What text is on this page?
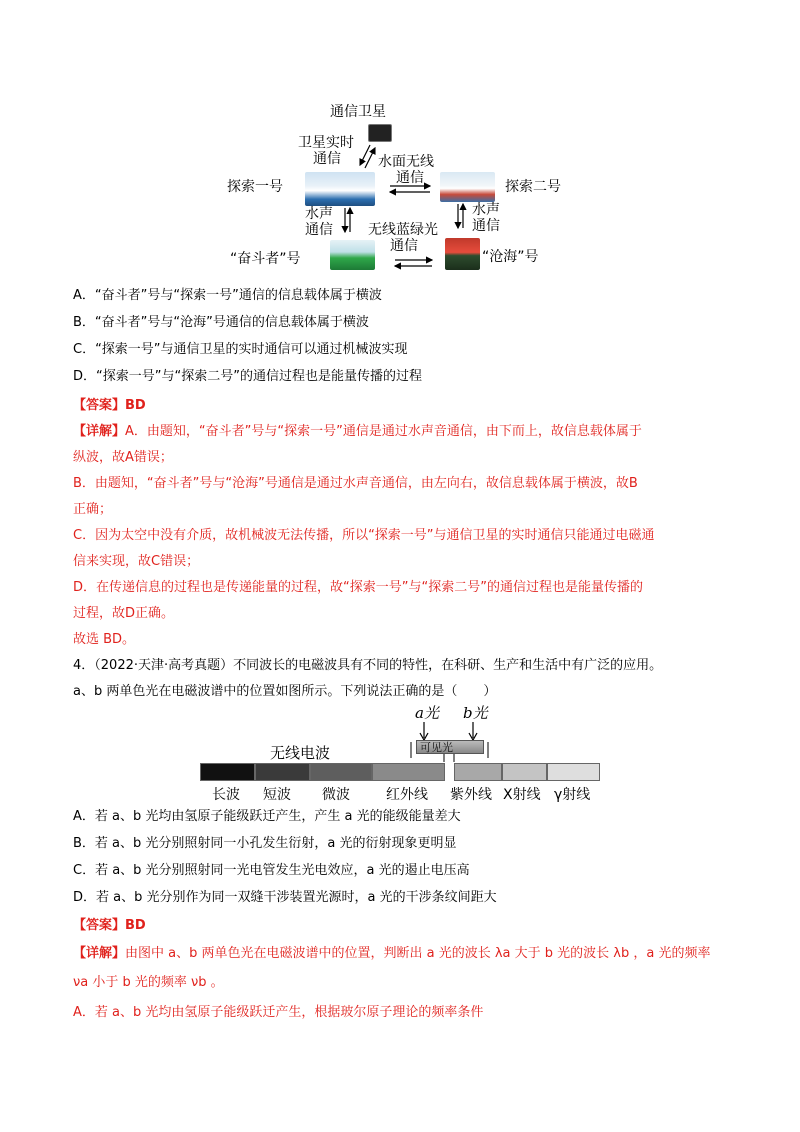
通信卫星
卫星实时
通信	水面无线
通信
探索一号	探索二号
水声
通信	无线蓝绿光
通信
水声
通信
“奋斗者”号	“沧海”号
A．“奋斗者”号与“探索一号”通信的信息载体属于横波
B．“奋斗者”号与“沧海”号通信的信息载体属于横波
C．“探索一号”与通信卫星的实时通信可以通过机械波实现
D．“探索一号”与“探索二号”的通信过程也是能量传播的过程
【答案】BD
【详解】A．由题知，“奋斗者”号与“探索一号”通信是通过水声音通信，由下而上，故信息载体属于
纵波，故A错误；
B．由题知，“奋斗者”号与“沧海”号通信是通过水声音通信，由左向右，故信息载体属于横波，故B
正确；
C．因为太空中没有介质，故机械波无法传播，所以“探索一号”与通信卫星的实时通信只能通过电磁通
信来实现，故C错误；
D．在传递信息的过程也是传递能量的过程，故“探索一号”与“探索二号”的通信过程也是能量传播的
过程，故D正确。
故选 BD。
4．（2022·天津·高考真题）不同波长的电磁波具有不同的特性，在科研、生产和生活中有广泛的应用。
a、b 两单色光在电磁波谱中的位置如图所示。下列说法正确的是（　　）
a光 b光
可见光
无线电波
长波 短波 微波	红外线 紫外线 X射线 γ射线
A．若 a、b 光均由氢原子能级跃迁产生，产生 a 光的能级能量差大
B．若 a、b 光分别照射同一小孔发生衍射，a 光的衍射现象更明显
C．若 a、b 光分别照射同一光电管发生光电效应，a 光的遏止电压高
D．若 a、b 光分别作为同一双缝干涉装置光源时，a 光的干涉条纹间距大
【答案】BD
【详解】由图中 a、b 两单色光在电磁波谱中的位置，判断出 a 光的波长 λa 大于 b 光的波长 λb ，a 光的频率
νa 小于 b 光的频率 νb 。
A．若 a、b 光均由氢原子能级跃迁产生，根据玻尔原子理论的频率条件
